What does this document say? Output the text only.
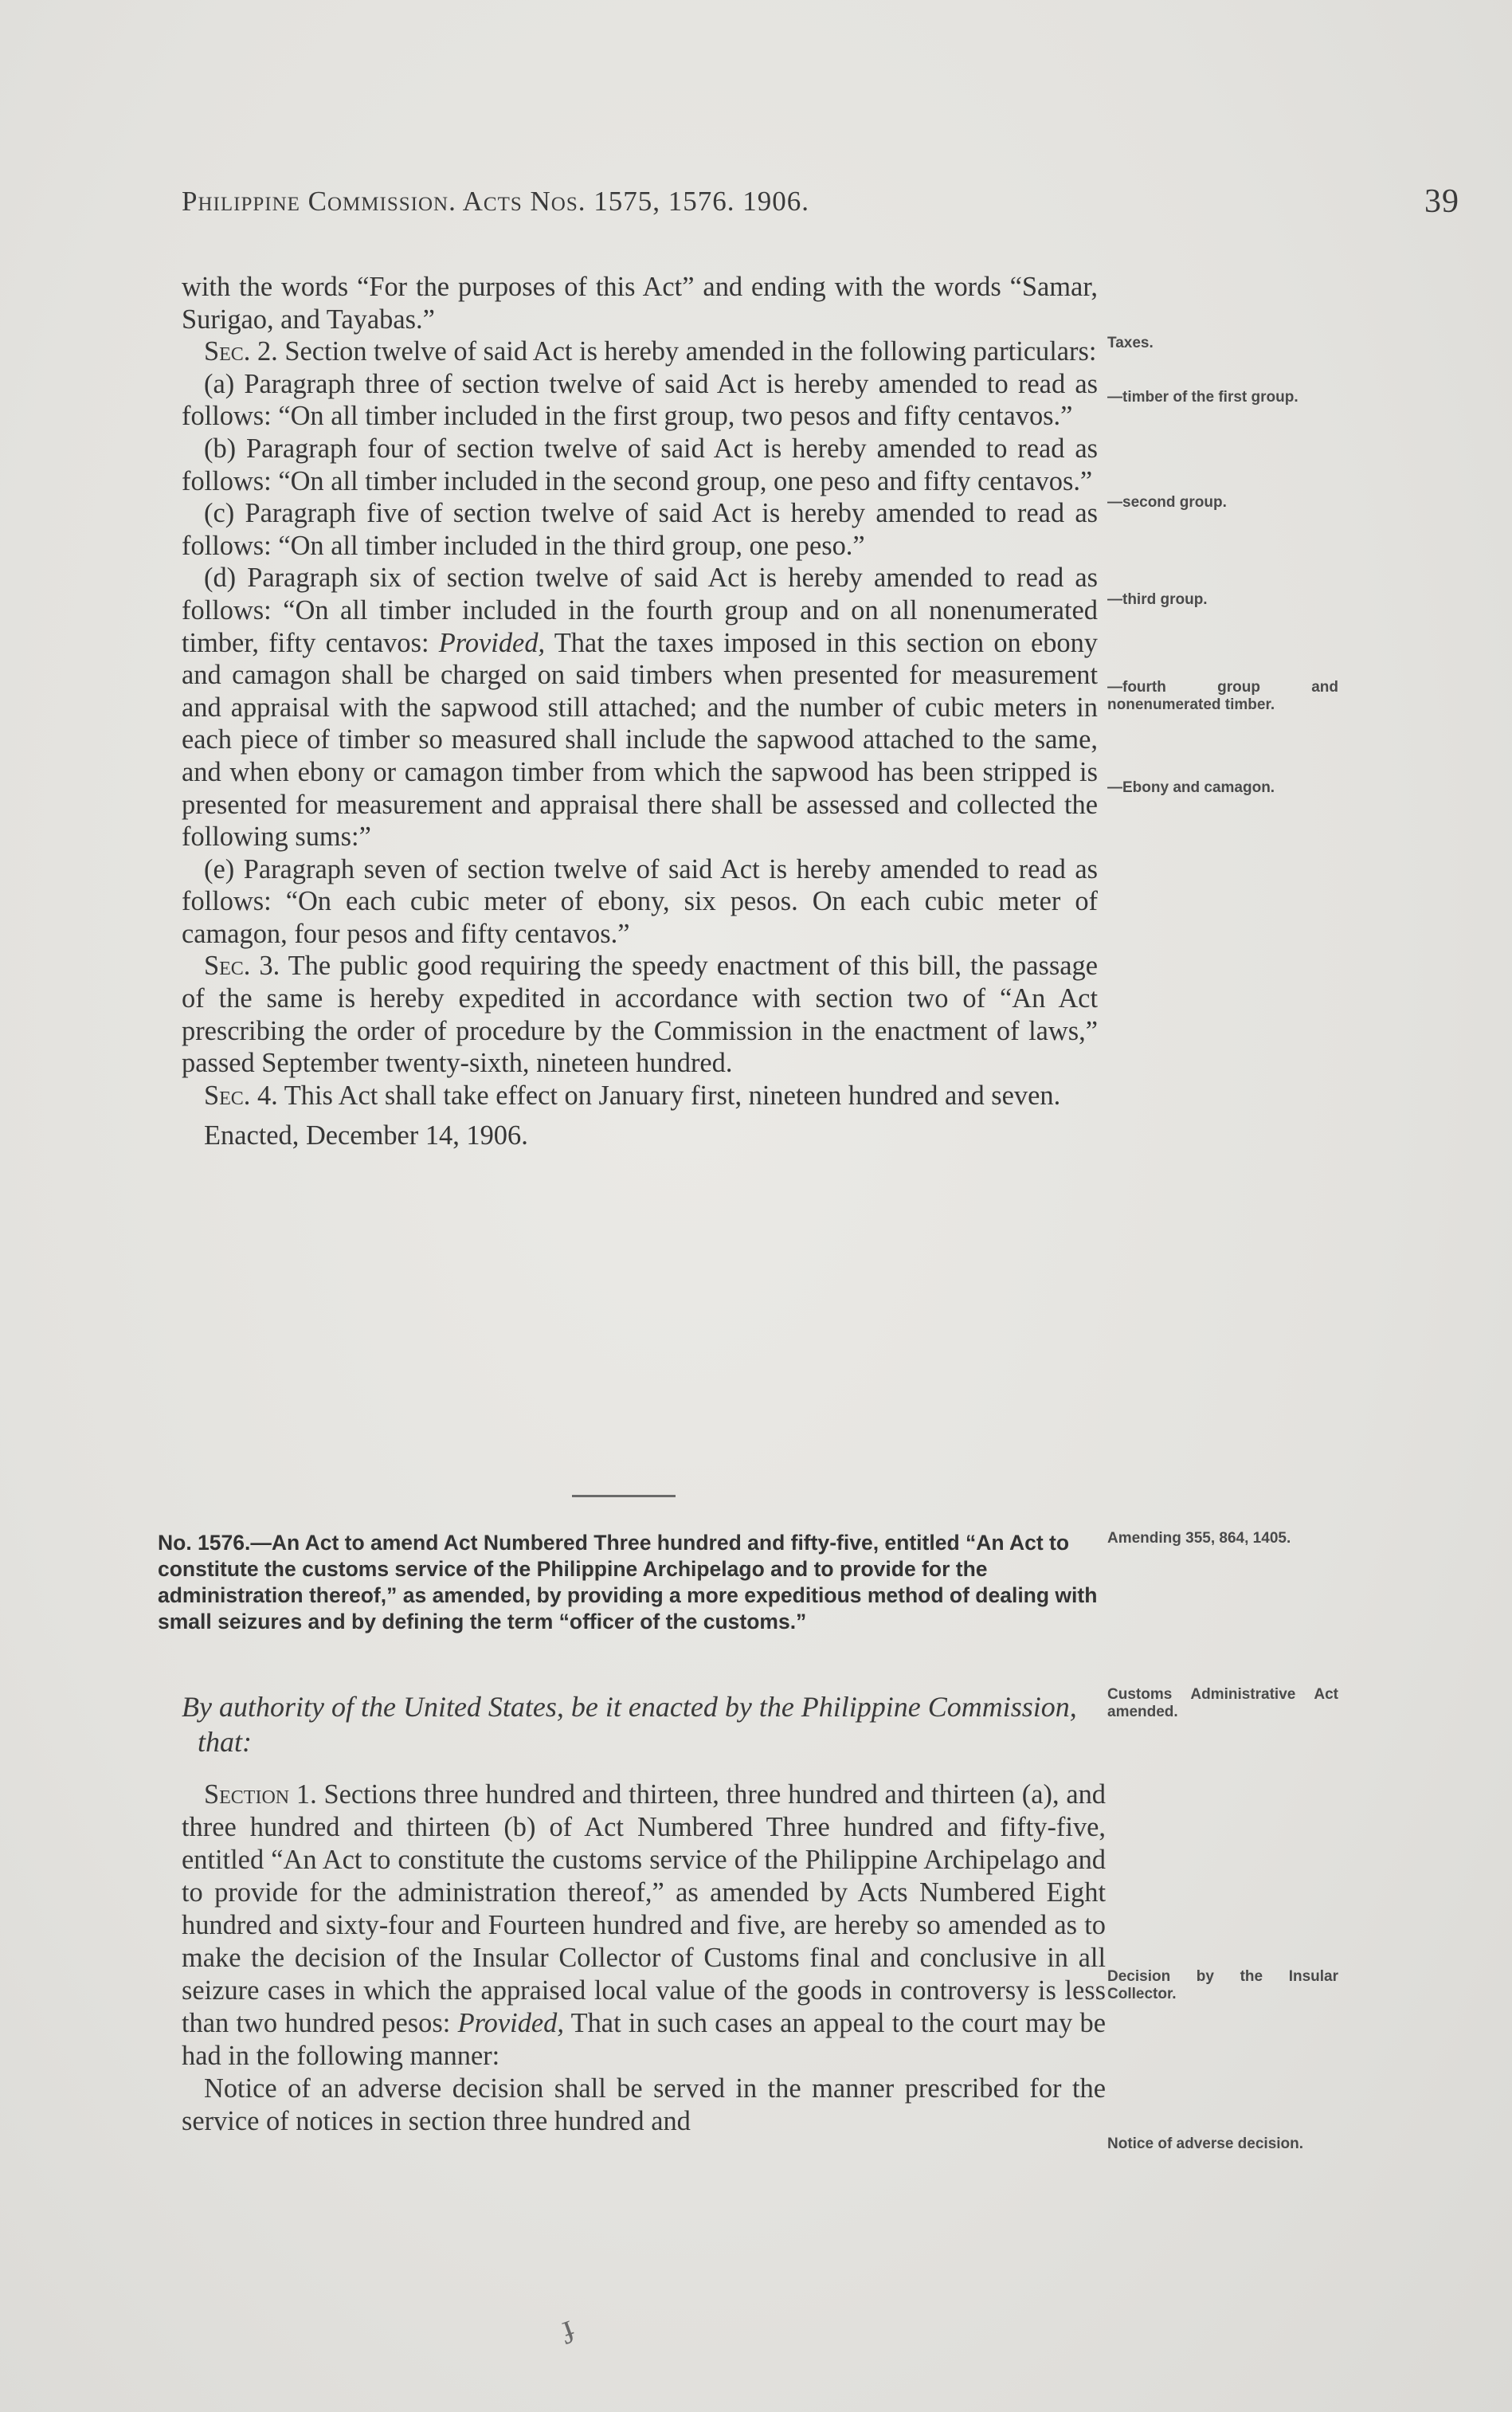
Philippine Commission. Acts Nos. 1575, 1576. 1906.	39

with the words “For the purposes of this Act” and ending with the words “Samar, Surigao, and Tayabas.”

Sec. 2. Section twelve of said Act is hereby amended in the following particulars:

(a) Paragraph three of section twelve of said Act is hereby amended to read as follows: “On all timber included in the first group, two pesos and fifty centavos.”

(b) Paragraph four of section twelve of said Act is hereby amended to read as follows: “On all timber included in the second group, one peso and fifty centavos.”

(c) Paragraph five of section twelve of said Act is hereby amended to read as follows: “On all timber included in the third group, one peso.”

(d) Paragraph six of section twelve of said Act is hereby amended to read as follows: “On all timber included in the fourth group and on all nonenumerated timber, fifty centavos: Provided, That the taxes imposed in this section on ebony and camagon shall be charged on said timbers when presented for measurement and appraisal with the sapwood still attached; and the number of cubic meters in each piece of timber so measured shall include the sapwood attached to the same, and when ebony or camagon timber from which the sapwood has been stripped is presented for measurement and appraisal there shall be assessed and collected the following sums:”

(e) Paragraph seven of section twelve of said Act is hereby amended to read as follows: “On each cubic meter of ebony, six pesos. On each cubic meter of camagon, four pesos and fifty centavos.”

Sec. 3. The public good requiring the speedy enactment of this bill, the passage of the same is hereby expedited in accordance with section two of “An Act prescribing the order of procedure by the Commission in the enactment of laws,” passed September twenty-sixth, nineteen hundred.

Sec. 4. This Act shall take effect on January first, nineteen hundred and seven.

Enacted, December 14, 1906.

No. 1576.—An Act to amend Act Numbered Three hundred and fifty-five, entitled “An Act to constitute the customs service of the Philippine Archipelago and to provide for the administration thereof,” as amended, by providing a more expeditious method of dealing with small seizures and by defining the term “officer of the customs.”

By authority of the United States, be it enacted by the Philippine Commission, that:

Section 1. Sections three hundred and thirteen, three hundred and thirteen (a), and three hundred and thirteen (b) of Act Numbered Three hundred and fifty-five, entitled “An Act to constitute the customs service of the Philippine Archipelago and to provide for the administration thereof,” as amended by Acts Numbered Eight hundred and sixty-four and Fourteen hundred and five, are hereby so amended as to make the decision of the Insular Collector of Customs final and conclusive in all seizure cases in which the appraised local value of the goods in controversy is less than two hundred pesos: Provided, That in such cases an appeal to the court may be had in the following manner:

Notice of an adverse decision shall be served in the manner prescribed for the service of notices in section three hundred and

Taxes.
—timber of the first group.
—second group.
—third group.
—fourth group and nonenumerated timber.
—Ebony and camagon.
Amending 355, 864, 1405.
Customs Administrative Act amended.
Decision by the Insular Collector.
Notice of adverse decision.
ɟ
